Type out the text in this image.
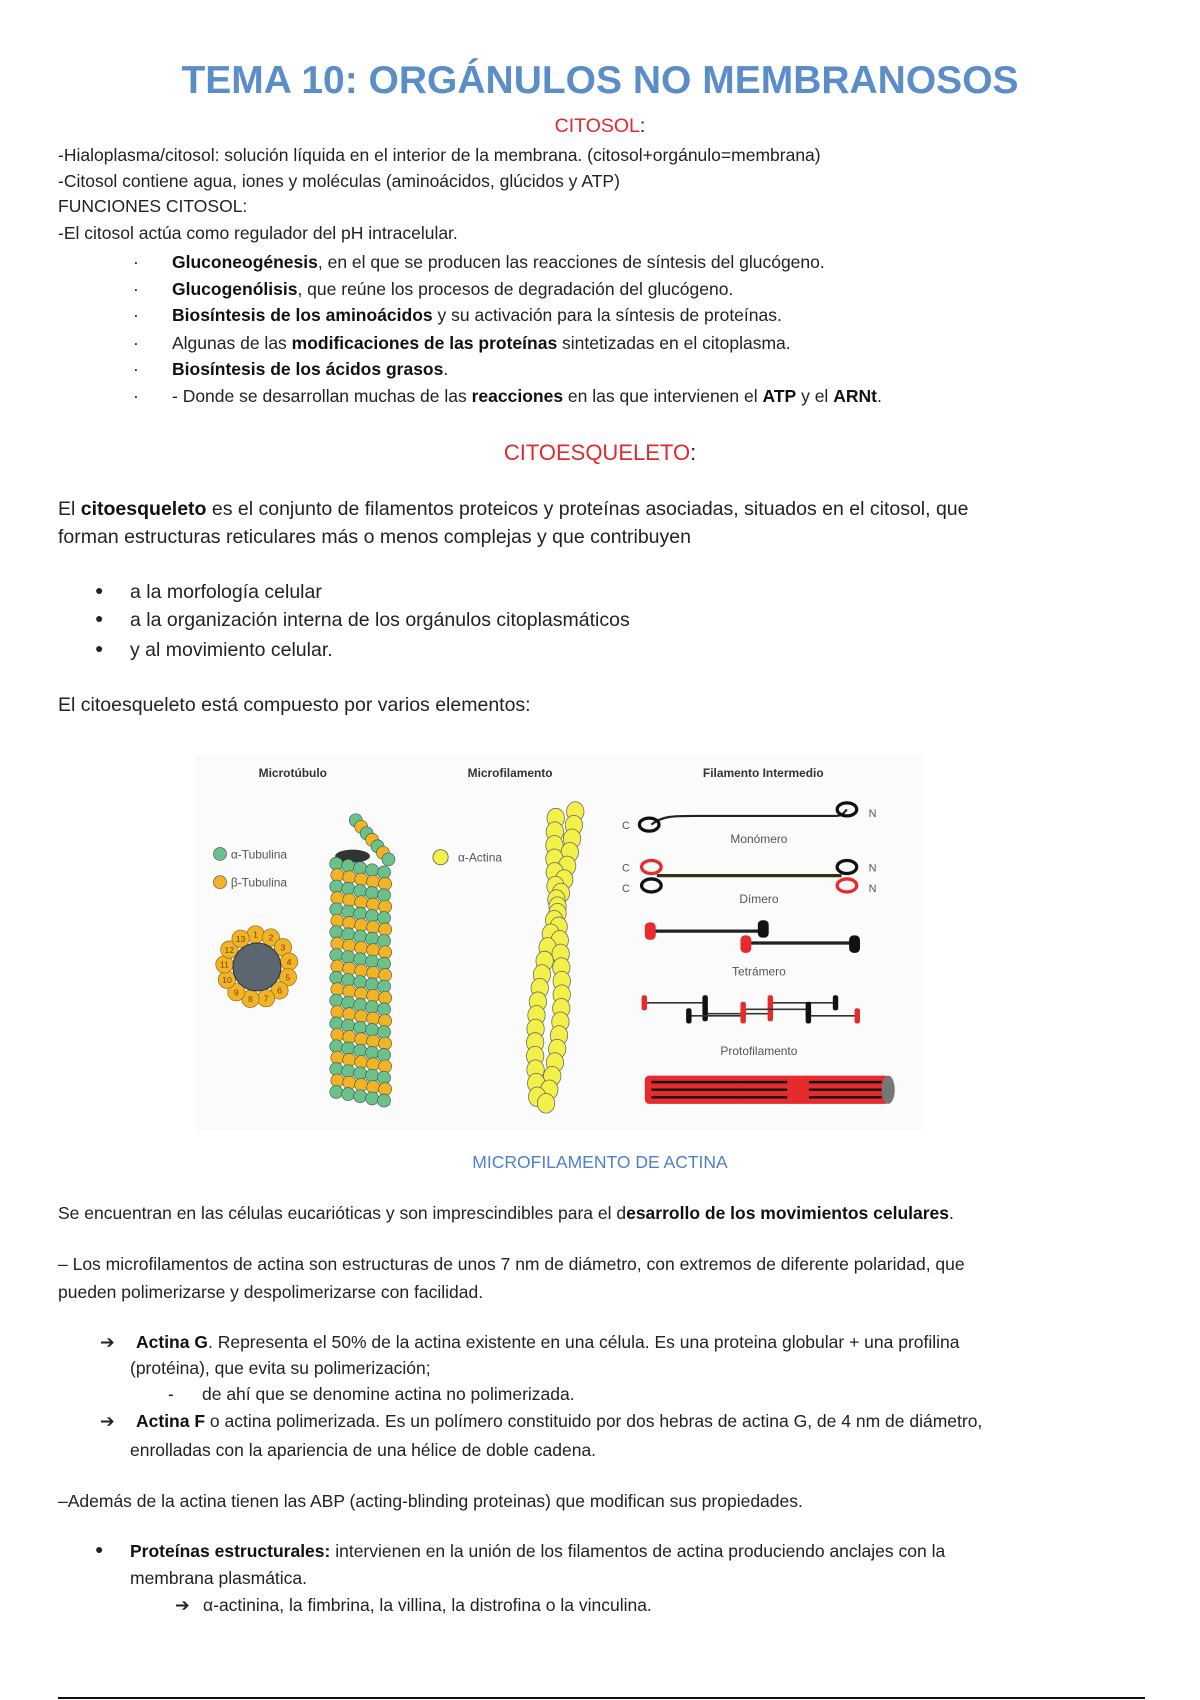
TEMA 10: ORGÁNULOS NO MEMBRANOSOS
CITOSOL:
-Hialoplasma/citosol: solución líquida en el interior de la membrana. (citosol+orgánulo=membrana)
-Citosol contiene agua, iones y moléculas (aminoácidos, glúcidos y ATP)
FUNCIONES CITOSOL:
-El citosol actúa como regulador del pH intracelular.
· Gluconeogénesis, en el que se producen las reacciones de síntesis del glucógeno.
· Glucogenólisis, que reúne los procesos de degradación del glucógeno.
· Biosíntesis de los aminoácidos y su activación para la síntesis de proteínas.
· Algunas de las modificaciones de las proteínas sintetizadas en el citoplasma.
· Biosíntesis de los ácidos grasos.
· - Donde se desarrollan muchas de las reacciones en las que intervienen el ATP y el ARNt.
CITOESQUELETO:
El citoesqueleto es el conjunto de filamentos proteicos y proteínas asociadas, situados en el citosol, que
forman estructuras reticulares más o menos complejas y que contribuyen
● a la morfología celular
● a la organización interna de los orgánulos citoplasmáticos
● y al movimiento celular.
El citoesqueleto está compuesto por varios elementos:
Microtúbulo	Microfilamento	Filamento Intermedio
α-Tubulina
β-Tubulina
1 2
3
4
5
6
7
8
9
10
11
12
13
α-Actina
C
N
Monómero
C
C
N
N
Dímero
Tetrámero
Protofilamento
MICROFILAMENTO DE ACTINA
Se encuentran en las células eucarióticas y son imprescindibles para el desarrollo de los movimientos celulares.
– Los microfilamentos de actina son estructuras de unos 7 nm de diámetro, con extremos de diferente polaridad, que
pueden polimerizarse y despolimerizarse con facilidad.
➔ Actina G. Representa el 50% de la actina existente en una célula. Es una proteina globular + una profilina
(protéina), que evita su polimerización;
- de ahí que se denomine actina no polimerizada.
➔ Actina F o actina polimerizada. Es un polímero constituido por dos hebras de actina G, de 4 nm de diámetro,
enrolladas con la apariencia de una hélice de doble cadena.
–Además de la actina tienen las ABP (acting-blinding proteinas) que modifican sus propiedades.
● Proteínas estructurales: intervienen en la unión de los filamentos de actina produciendo anclajes con la
membrana plasmática.
➔ α-actinina, la fimbrina, la villina, la distrofina o la vinculina.
